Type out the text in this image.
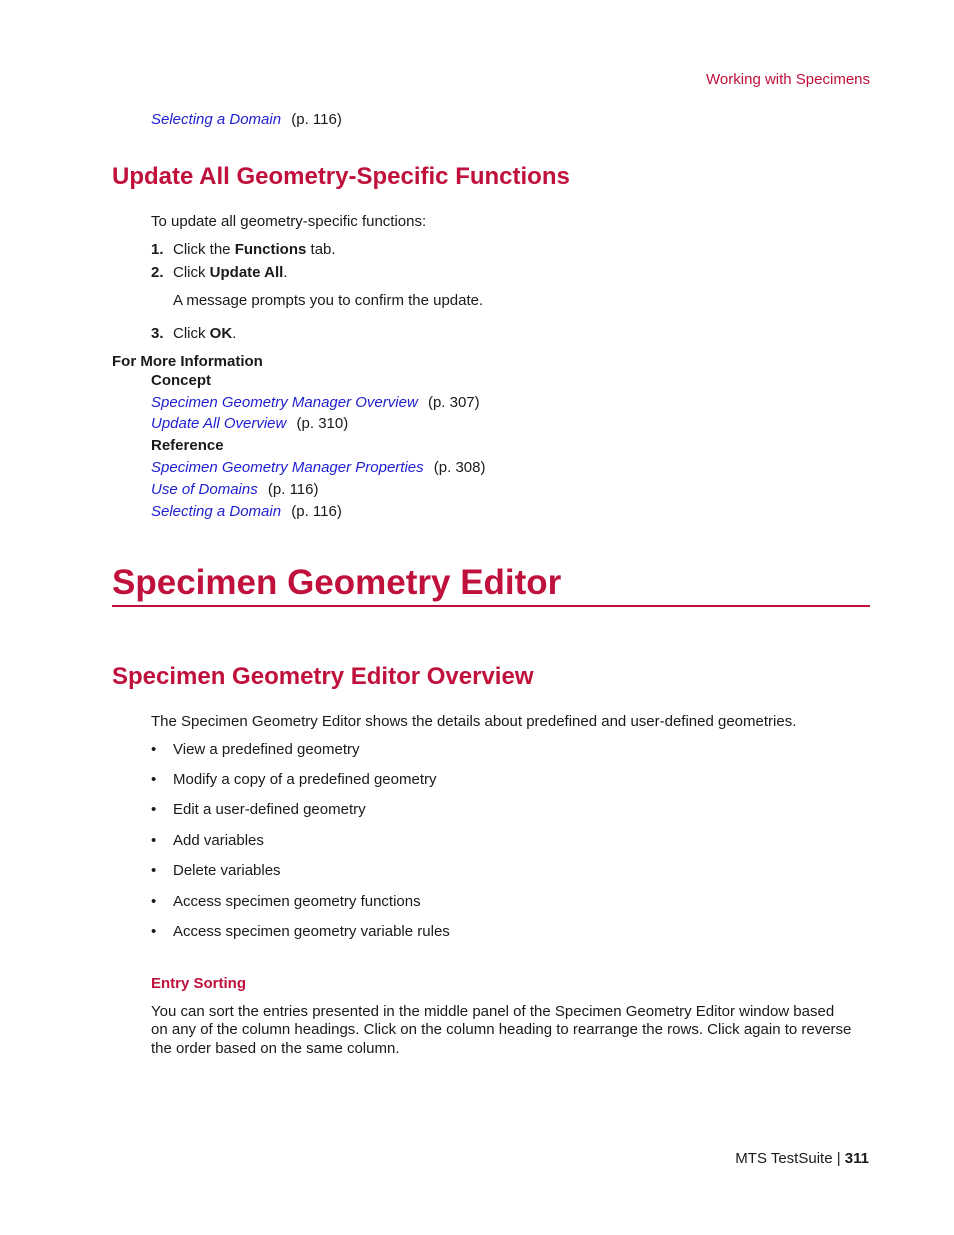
Working with Specimens
Selecting a Domain (p. 116)
Update All Geometry-Specific Functions
To update all geometry-specific functions:
1. Click the Functions tab.
2. Click Update All.
A message prompts you to confirm the update.
3. Click OK.
For More Information
Concept
Specimen Geometry Manager Overview (p. 307)
Update All Overview (p. 310)
Reference
Specimen Geometry Manager Properties (p. 308)
Use of Domains (p. 116)
Selecting a Domain (p. 116)
Specimen Geometry Editor
Specimen Geometry Editor Overview
The Specimen Geometry Editor shows the details about predefined and user-defined geometries.
• View a predefined geometry
• Modify a copy of a predefined geometry
• Edit a user-defined geometry
• Add variables
• Delete variables
• Access specimen geometry functions
• Access specimen geometry variable rules
Entry Sorting
You can sort the entries presented in the middle panel of the Specimen Geometry Editor window based
on any of the column headings. Click on the column heading to rearrange the rows. Click again to reverse
the order based on the same column.
MTS TestSuite | 311
